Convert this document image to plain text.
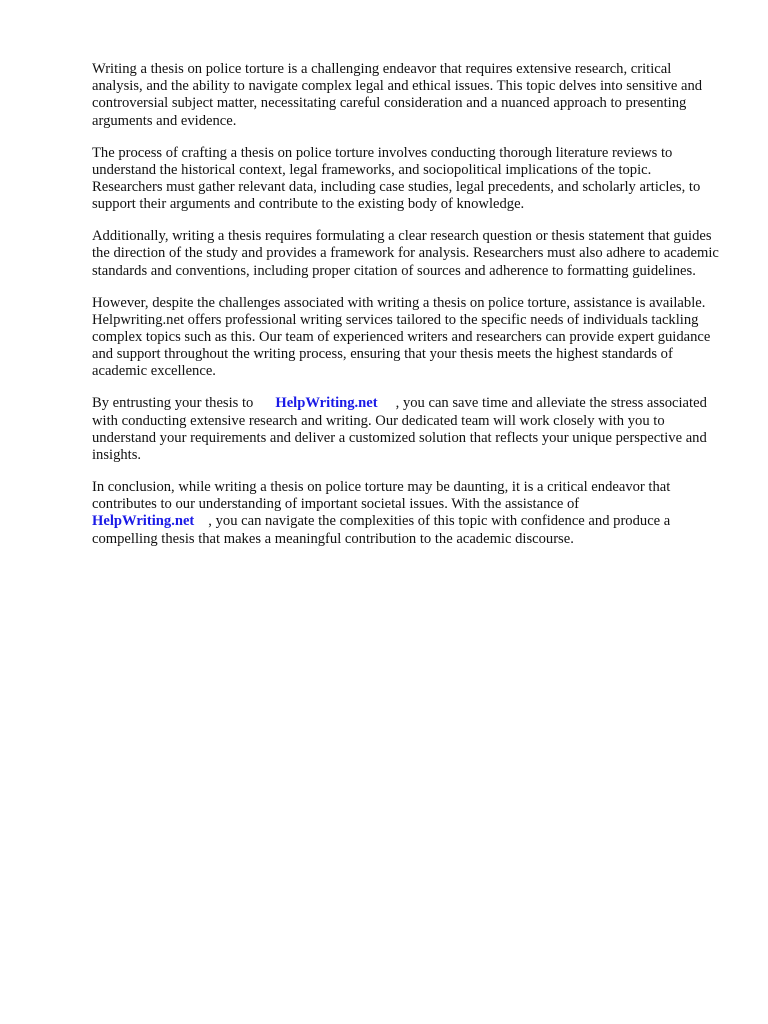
Writing a thesis on police torture is a challenging endeavor that requires extensive research, critical analysis, and the ability to navigate complex legal and ethical issues. This topic delves into sensitive and controversial subject matter, necessitating careful consideration and a nuanced approach to presenting arguments and evidence.

The process of crafting a thesis on police torture involves conducting thorough literature reviews to understand the historical context, legal frameworks, and sociopolitical implications of the topic. Researchers must gather relevant data, including case studies, legal precedents, and scholarly articles, to support their arguments and contribute to the existing body of knowledge.

Additionally, writing a thesis requires formulating a clear research question or thesis statement that guides the direction of the study and provides a framework for analysis. Researchers must also adhere to academic standards and conventions, including proper citation of sources and adherence to formatting guidelines.

However, despite the challenges associated with writing a thesis on police torture, assistance is available. Helpwriting.net offers professional writing services tailored to the specific needs of individuals tackling complex topics such as this. Our team of experienced writers and researchers can provide expert guidance and support throughout the writing process, ensuring that your thesis meets the highest standards of academic excellence.

By entrusting your thesis to HelpWriting.net , you can save time and alleviate the stress associated with conducting extensive research and writing. Our dedicated team will work closely with you to understand your requirements and deliver a customized solution that reflects your unique perspective and insights.

In conclusion, while writing a thesis on police torture may be daunting, it is a critical endeavor that contributes to our understanding of important societal issues. With the assistance of
HelpWriting.net , you can navigate the complexities of this topic with confidence and produce a compelling thesis that makes a meaningful contribution to the academic discourse.
